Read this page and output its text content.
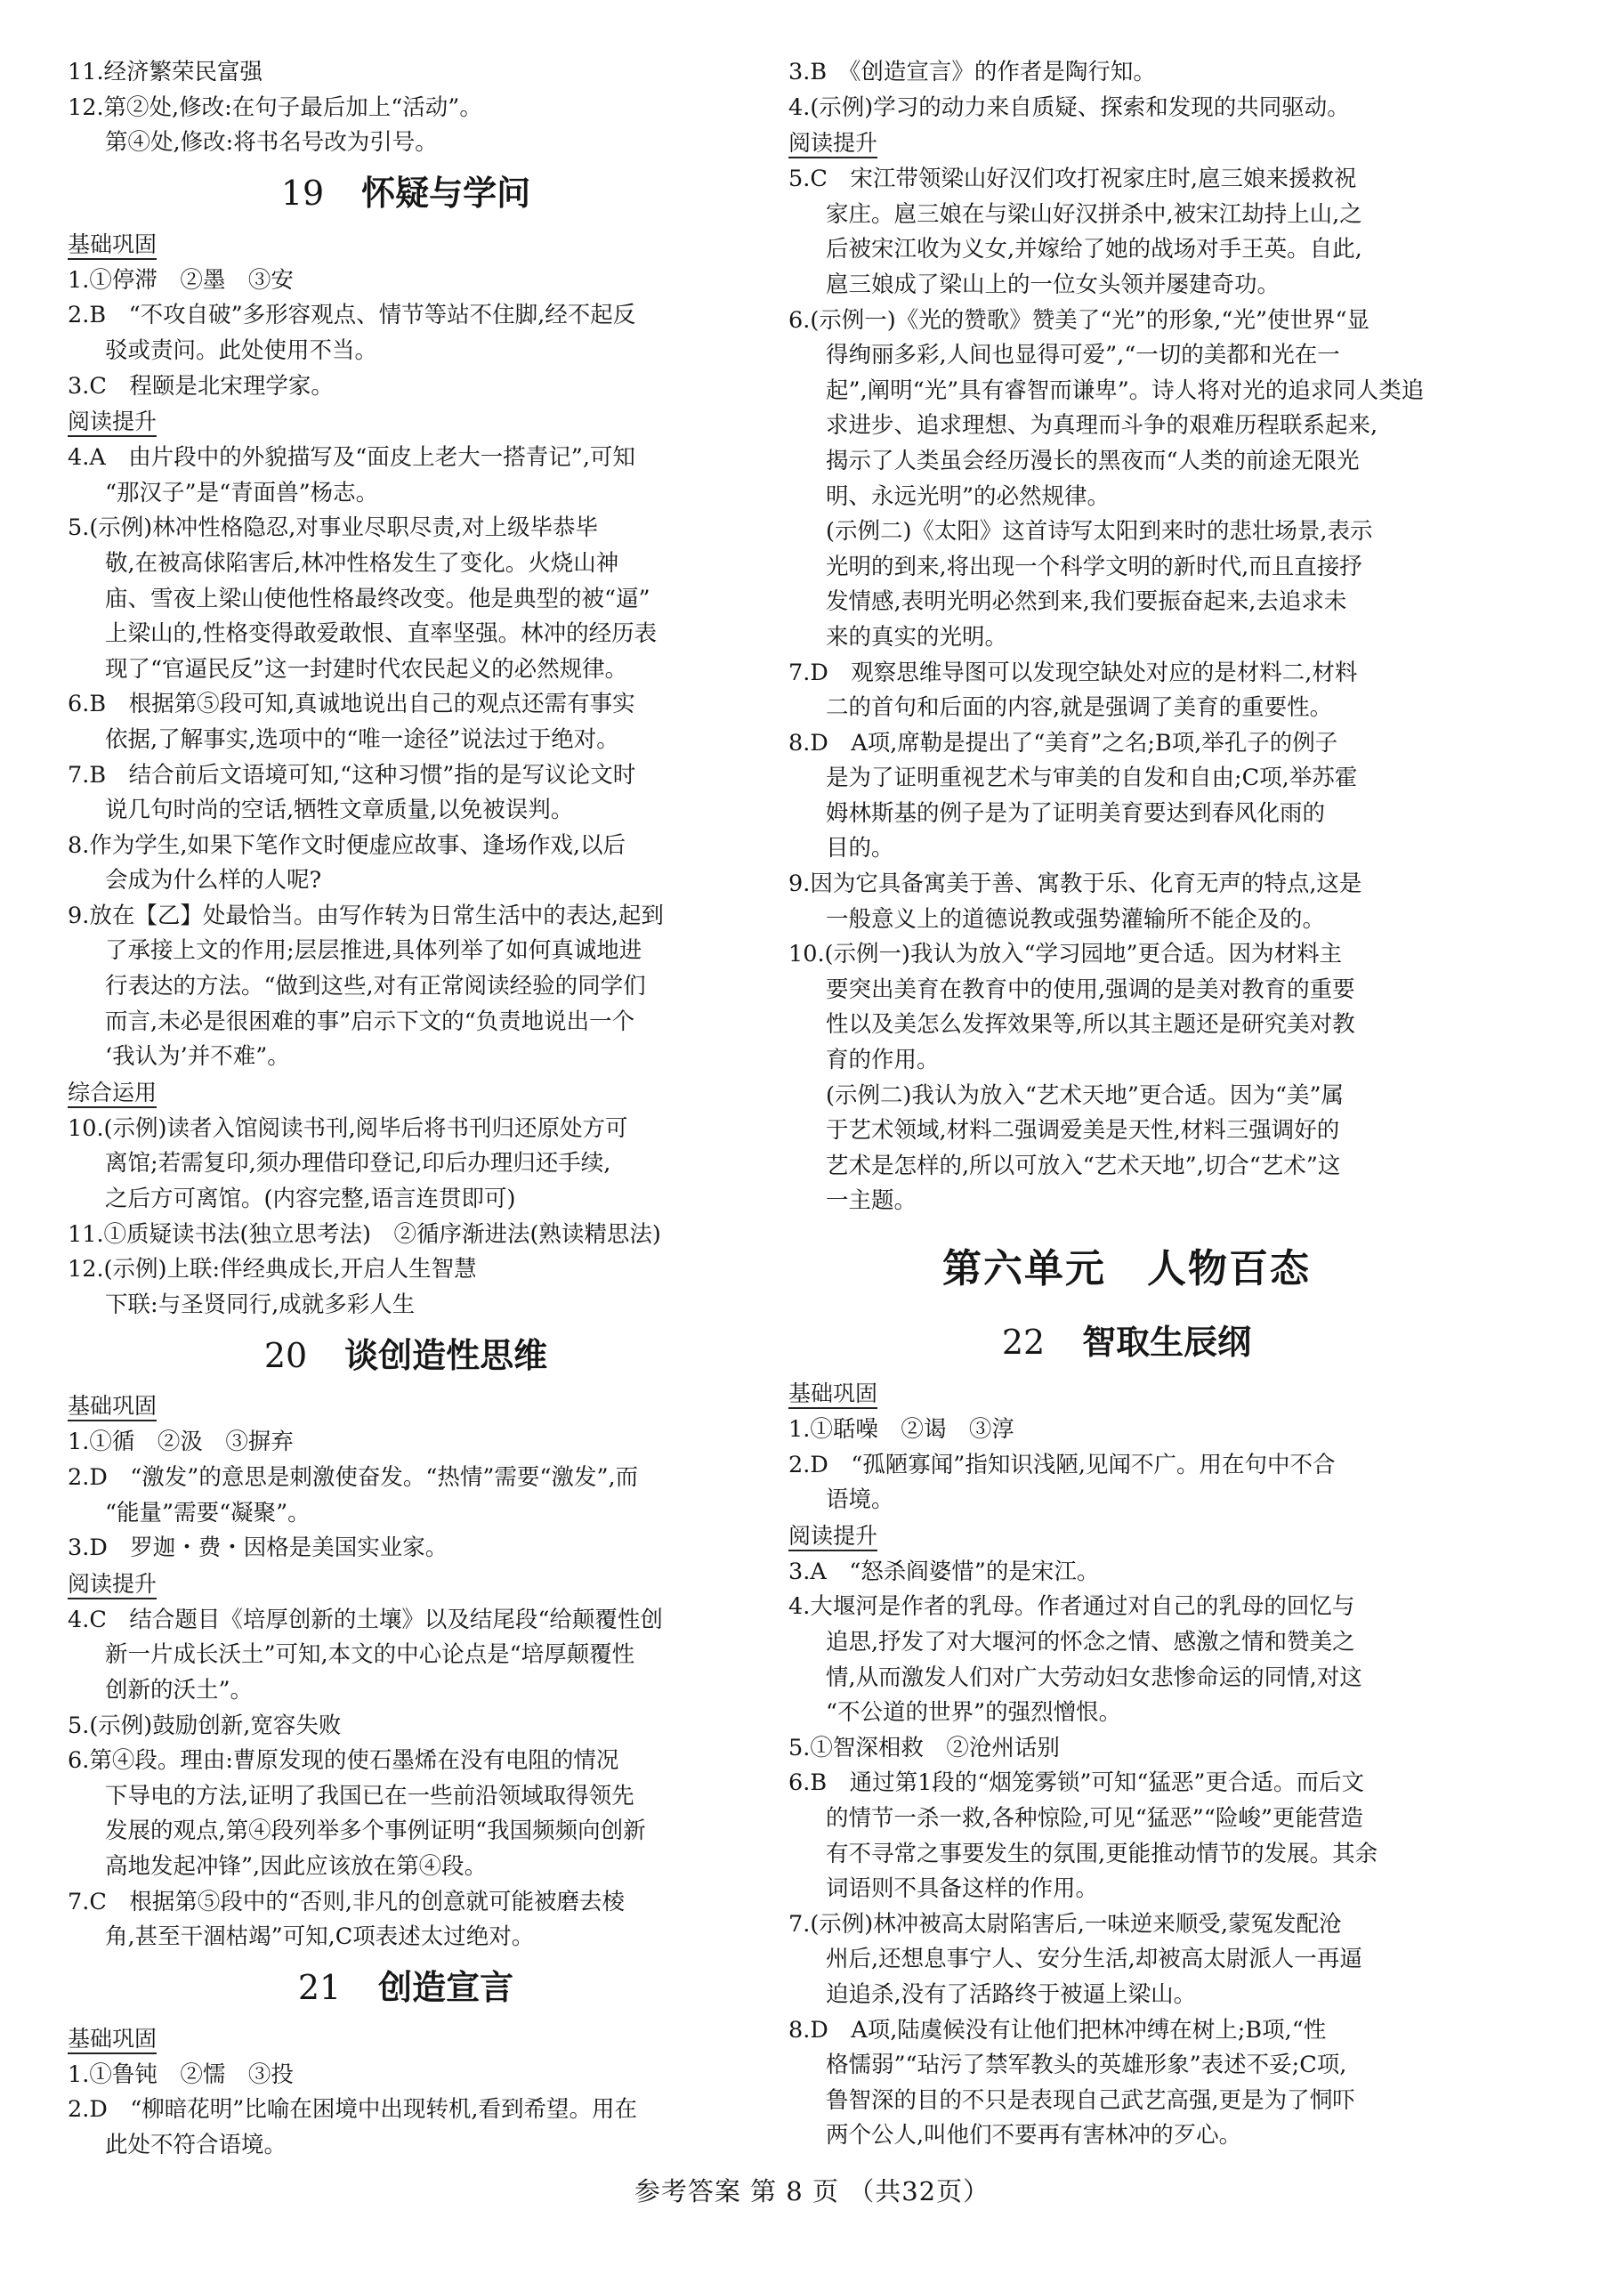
11.经济繁荣民富强
12.第②处,修改:在句子最后加上“活动”。
第④处,修改:将书名号改为引号。
19 怀疑与学问
基础巩固
1.①停滞　②墨　③安
2.B　“不攻自破”多形容观点、情节等站不住脚,经不起反
驳或责问。此处使用不当。
3.C　程颐是北宋理学家。
阅读提升
4.A　由片段中的外貌描写及“面皮上老大一搭青记”,可知
“那汉子”是“青面兽”杨志。
5.(示例)林冲性格隐忍,对事业尽职尽责,对上级毕恭毕
敬,在被高俅陷害后,林冲性格发生了变化。火烧山神
庙、雪夜上梁山使他性格最终改变。他是典型的被“逼”
上梁山的,性格变得敢爱敢恨、直率坚强。林冲的经历表
现了“官逼民反”这一封建时代农民起义的必然规律。
6.B　根据第⑤段可知,真诚地说出自己的观点还需有事实
依据,了解事实,选项中的“唯一途径”说法过于绝对。
7.B　结合前后文语境可知,“这种习惯”指的是写议论文时
说几句时尚的空话,牺牲文章质量,以免被误判。
8.作为学生,如果下笔作文时便虚应故事、逢场作戏,以后
会成为什么样的人呢?
9.放在【乙】处最恰当。由写作转为日常生活中的表达,起到
了承接上文的作用;层层推进,具体列举了如何真诚地进
行表达的方法。“做到这些,对有正常阅读经验的同学们
而言,未必是很困难的事”启示下文的“负责地说出一个
‘我认为’并不难”。
综合运用
10.(示例)读者入馆阅读书刊,阅毕后将书刊归还原处方可
离馆;若需复印,须办理借印登记,印后办理归还手续,
之后方可离馆。(内容完整,语言连贯即可)
11.①质疑读书法(独立思考法)　②循序渐进法(熟读精思法)
12.(示例)上联:伴经典成长,开启人生智慧
下联:与圣贤同行,成就多彩人生
20 谈创造性思维
基础巩固
1.①循　②汲　③摒弃
2.D　“激发”的意思是刺激使奋发。“热情”需要“激发”,而
“能量”需要“凝聚”。
3.D　罗迦・费・因格是美国实业家。
阅读提升
4.C　结合题目《培厚创新的土壤》以及结尾段“给颠覆性创
新一片成长沃土”可知,本文的中心论点是“培厚颠覆性
创新的沃土”。
5.(示例)鼓励创新,宽容失败
6.第④段。理由:曹原发现的使石墨烯在没有电阻的情况
下导电的方法,证明了我国已在一些前沿领域取得领先
发展的观点,第④段列举多个事例证明“我国频频向创新
高地发起冲锋”,因此应该放在第④段。
7.C　根据第⑤段中的“否则,非凡的创意就可能被磨去棱
角,甚至干涸枯竭”可知,C项表述太过绝对。
21 创造宣言
基础巩固
1.①鲁钝　②懦　③投
2.D　“柳暗花明”比喻在困境中出现转机,看到希望。用在
此处不符合语境。
3.B　《创造宣言》的作者是陶行知。
4.(示例)学习的动力来自质疑、探索和发现的共同驱动。
阅读提升
5.C　宋江带领梁山好汉们攻打祝家庄时,扈三娘来援救祝
家庄。扈三娘在与梁山好汉拼杀中,被宋江劫持上山,之
后被宋江收为义女,并嫁给了她的战场对手王英。自此,
扈三娘成了梁山上的一位女头领并屡建奇功。
6.(示例一)《光的赞歌》赞美了“光”的形象,“光”使世界“显
得绚丽多彩,人间也显得可爱”,“一切的美都和光在一
起”,阐明“光”具有睿智而谦卑”。诗人将对光的追求同人类追
求进步、追求理想、为真理而斗争的艰难历程联系起来,
揭示了人类虽会经历漫长的黑夜而“人类的前途无限光
明、永远光明”的必然规律。
(示例二)《太阳》这首诗写太阳到来时的悲壮场景,表示
光明的到来,将出现一个科学文明的新时代,而且直接抒
发情感,表明光明必然到来,我们要振奋起来,去追求未
来的真实的光明。
7.D　观察思维导图可以发现空缺处对应的是材料二,材料
二的首句和后面的内容,就是强调了美育的重要性。
8.D　A项,席勒是提出了“美育”之名;B项,举孔子的例子
是为了证明重视艺术与审美的自发和自由;C项,举苏霍
姆林斯基的例子是为了证明美育要达到春风化雨的
目的。
9.因为它具备寓美于善、寓教于乐、化育无声的特点,这是
一般意义上的道德说教或强势灌输所不能企及的。
10.(示例一)我认为放入“学习园地”更合适。因为材料主
要突出美育在教育中的使用,强调的是美对教育的重要
性以及美怎么发挥效果等,所以其主题还是研究美对教
育的作用。
(示例二)我认为放入“艺术天地”更合适。因为“美”属
于艺术领域,材料二强调爱美是天性,材料三强调好的
艺术是怎样的,所以可放入“艺术天地”,切合“艺术”这
一主题。
第六单元 人物百态
22 智取生辰纲
基础巩固
1.①聒噪　②谒　③淳
2.D　“孤陋寡闻”指知识浅陋,见闻不广。用在句中不合
语境。
阅读提升
3.A　“怒杀阎婆惜”的是宋江。
4.大堰河是作者的乳母。作者通过对自己的乳母的回忆与
追思,抒发了对大堰河的怀念之情、感激之情和赞美之
情,从而激发人们对广大劳动妇女悲惨命运的同情,对这
“不公道的世界”的强烈憎恨。
5.①智深相救　②沧州话别
6.B　通过第1段的“烟笼雾锁”可知“猛恶”更合适。而后文
的情节一杀一救,各种惊险,可见“猛恶”“险峻”更能营造
有不寻常之事要发生的氛围,更能推动情节的发展。其余
词语则不具备这样的作用。
7.(示例)林冲被高太尉陷害后,一味逆来顺受,蒙冤发配沧
州后,还想息事宁人、安分生活,却被高太尉派人一再逼
迫追杀,没有了活路终于被逼上梁山。
8.D　A项,陆虞候没有让他们把林冲缚在树上;B项,“性
格懦弱”“玷污了禁军教头的英雄形象”表述不妥;C项,
鲁智深的目的不只是表现自己武艺高强,更是为了恫吓
两个公人,叫他们不要再有害林冲的歹心。
参考答案 第 8 页 （共32页）
